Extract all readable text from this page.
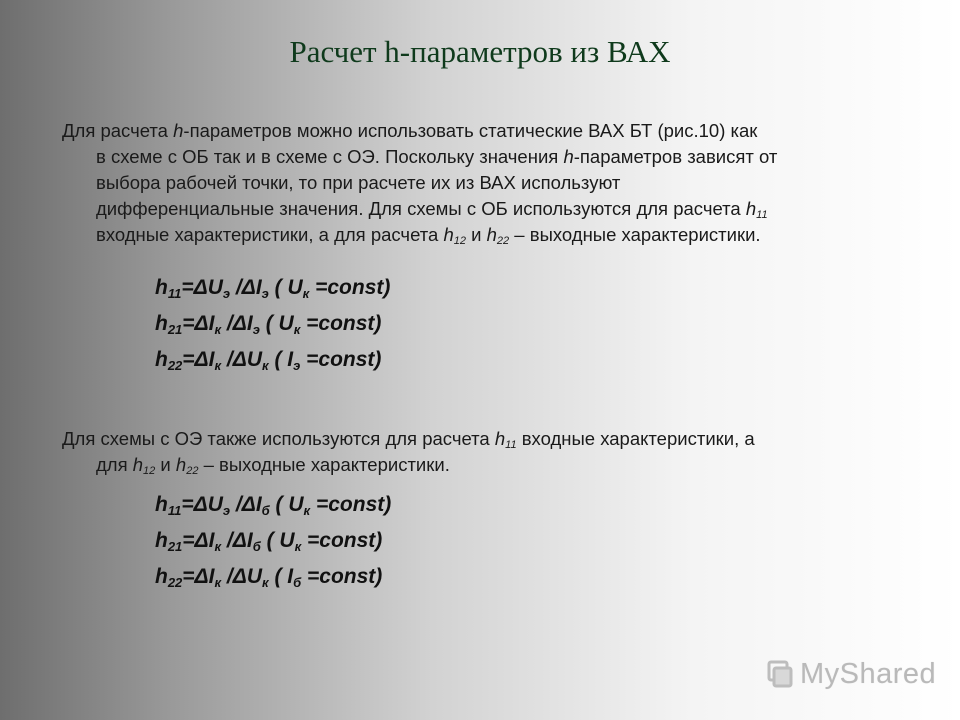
Расчет h-параметров из ВАХ
Для расчета h-параметров можно использовать статические ВАХ БТ (рис.10) как
в схеме с ОБ так и в схеме с ОЭ. Поскольку значения h-параметров зависят от
выбора рабочей точки, то при расчете их из ВАХ используют
дифференциальные значения. Для схемы с ОБ используются для расчета $h_{11}$
входные характеристики, а для расчета $h_{12}$ и $h_{22}$ – выходные характеристики.
$h_{11}=\Delta U_э$ $/\Delta I_э$ ( $U_к$ =const)
$h_{21}=\Delta I_к$ $/\Delta I_э$ ( $U_к$ =const)
$h_{22}=\Delta I_к$ $/\Delta U_к$ ( $I_э$ =const)
Для схемы с ОЭ также используются для расчета $h_{11}$ входные характеристики, а
для $h_{12}$ и $h_{22}$ – выходные характеристики.
$h_{11}=\Delta U_э$ $/\Delta I_б$ ( $U_к$ =const)
$h_{21}=\Delta I_к$ $/\Delta I_б$ ( $U_к$ =const)
$h_{22}=\Delta I_к$ $/\Delta U_к$ ( $I_б$ =const)
MyShared
